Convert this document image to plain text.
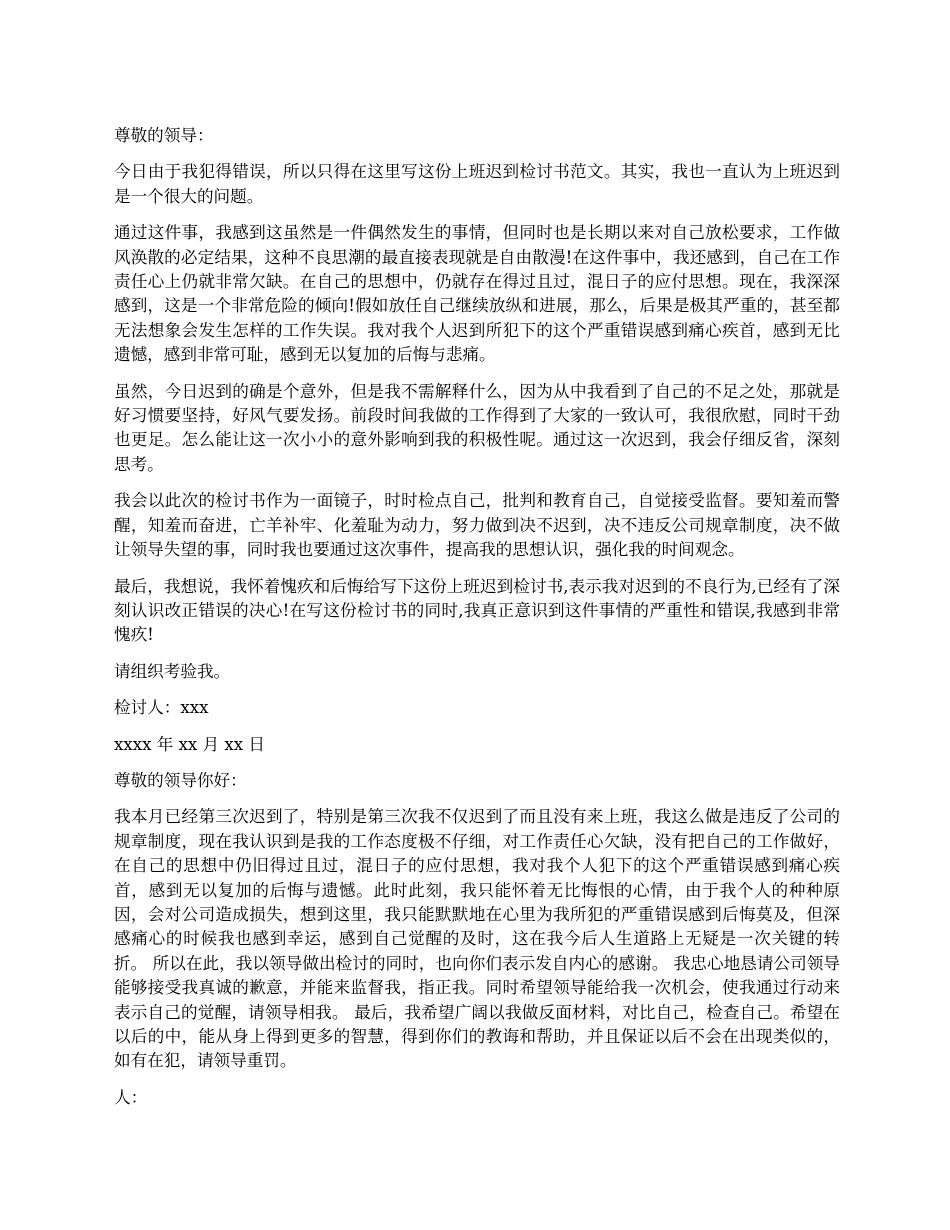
尊敬的领导：

今日由于我犯得错误，所以只得在这里写这份上班迟到检讨书范文。其实，我也一直认为上班迟到是一个很大的问题。

通过这件事，我感到这虽然是一件偶然发生的事情，但同时也是长期以来对自己放松要求，工作做风涣散的必定结果，这种不良思潮的最直接表现就是自由散漫!在这件事中，我还感到，自己在工作责任心上仍就非常欠缺。在自己的思想中，仍就存在得过且过，混日子的应付思想。现在，我深深感到，这是一个非常危险的倾向!假如放任自己继续放纵和进展，那么，后果是极其严重的，甚至都无法想象会发生怎样的工作失误。我对我个人迟到所犯下的这个严重错误感到痛心疾首，感到无比遗憾，感到非常可耻，感到无以复加的后悔与悲痛。

虽然，今日迟到的确是个意外，但是我不需解释什么，因为从中我看到了自己的不足之处，那就是好习惯要坚持，好风气要发扬。前段时间我做的工作得到了大家的一致认可，我很欣慰，同时干劲也更足。怎么能让这一次小小的意外影响到我的积极性呢。通过这一次迟到，我会仔细反省，深刻思考。

我会以此次的检讨书作为一面镜子，时时检点自己，批判和教育自己，自觉接受监督。要知羞而警醒，知羞而奋进，亡羊补牢、化羞耻为动力，努力做到决不迟到，决不违反公司规章制度，决不做让领导失望的事，同时我也要通过这次事件，提高我的思想认识，强化我的时间观念。

最后，我想说，我怀着愧疚和后悔给写下这份上班迟到检讨书,表示我对迟到的不良行为,已经有了深刻认识改正错误的决心!在写这份检讨书的同时,我真正意识到这件事情的严重性和错误,我感到非常愧疚!

请组织考验我。

检讨人：xxx

xxxx 年 xx 月 xx 日

尊敬的领导你好：

我本月已经第三次迟到了，特别是第三次我不仅迟到了而且没有来上班，我这么做是违反了公司的规章制度，现在我认识到是我的工作态度极不仔细，对工作责任心欠缺，没有把自己的工作做好，在自己的思想中仍旧得过且过，混日子的应付思想，我对我个人犯下的这个严重错误感到痛心疾首，感到无以复加的后悔与遗憾。此时此刻，我只能怀着无比悔恨的心情，由于我个人的种种原因，会对公司造成损失，想到这里，我只能默默地在心里为我所犯的严重错误感到后悔莫及，但深感痛心的时候我也感到幸运，感到自己觉醒的及时，这在我今后人生道路上无疑是一次关键的转折。 所以在此，我以领导做出检讨的同时，也向你们表示发自内心的感谢。 我忠心地恳请公司领导能够接受我真诚的歉意，并能来监督我，指正我。同时希望领导能给我一次机会，使我通过行动来表示自己的觉醒，请领导相我。 最后，我希望广阔以我做反面材料，对比自己，检查自己。希望在以后的中，能从身上得到更多的智慧，得到你们的教诲和帮助，并且保证以后不会在出现类似的，如有在犯，请领导重罚。

人：
